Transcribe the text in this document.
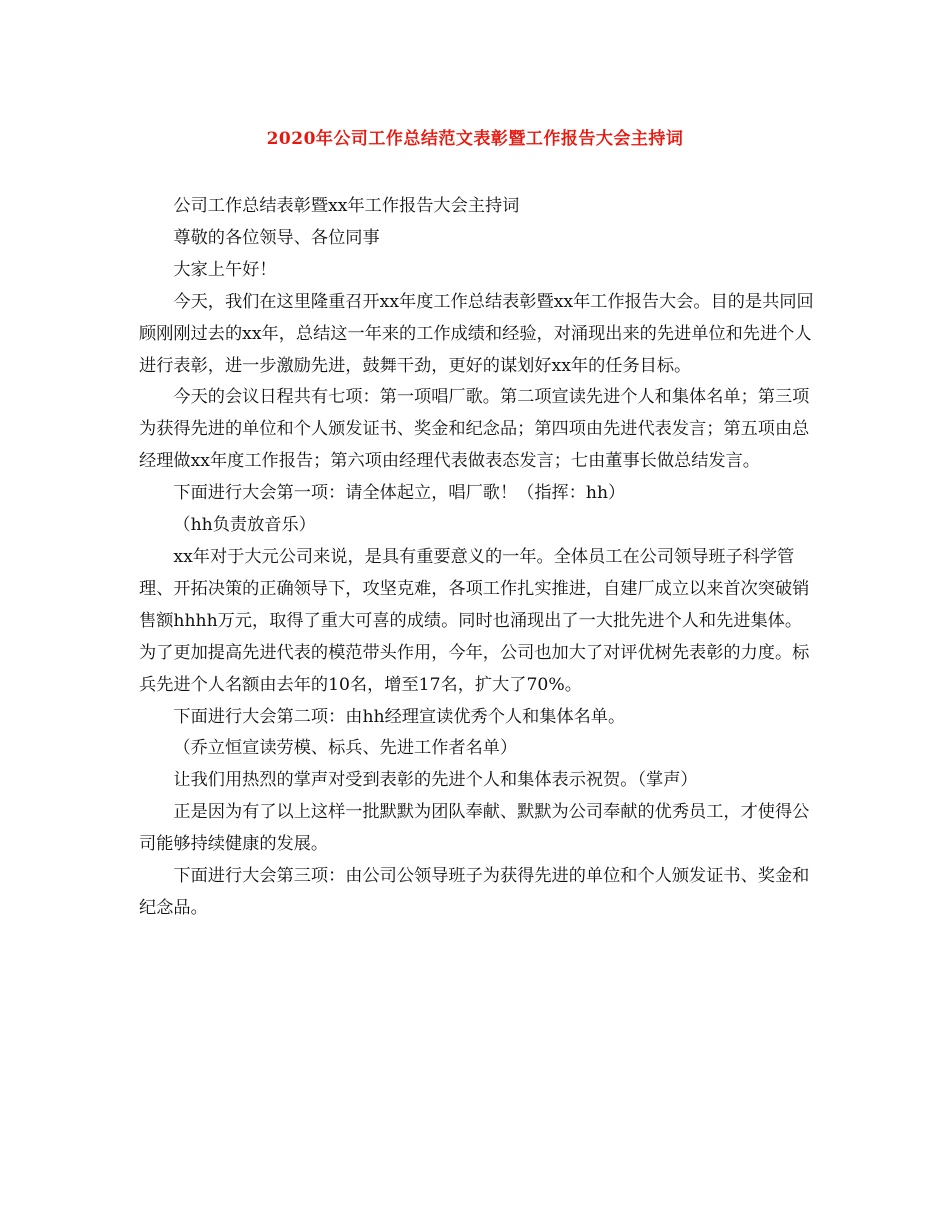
2020年公司工作总结范文表彰暨工作报告大会主持词

公司工作总结表彰暨xx年工作报告大会主持词

尊敬的各位领导、各位同事

大家上午好！

今天，我们在这里隆重召开xx年度工作总结表彰暨xx年工作报告大会。目的是共同回顾刚刚过去的xx年，总结这一年来的工作成绩和经验，对涌现出来的先进单位和先进个人进行表彰，进一步激励先进，鼓舞干劲，更好的谋划好xx年的任务目标。

今天的会议日程共有七项：第一项唱厂歌。第二项宣读先进个人和集体名单；第三项为获得先进的单位和个人颁发证书、奖金和纪念品；第四项由先进代表发言；第五项由总经理做xx年度工作报告；第六项由经理代表做表态发言；七由董事长做总结发言。

下面进行大会第一项：请全体起立，唱厂歌！（指挥：hh）

（hh负责放音乐）

xx年对于大元公司来说，是具有重要意义的一年。全体员工在公司领导班子科学管理、开拓决策的正确领导下，攻坚克难，各项工作扎实推进，自建厂成立以来首次突破销售额hhhh万元，取得了重大可喜的成绩。同时也涌现出了一大批先进个人和先进集体。为了更加提高先进代表的模范带头作用，今年，公司也加大了对评优树先表彰的力度。标兵先进个人名额由去年的10名，增至17名，扩大了70%。

下面进行大会第二项：由hh经理宣读优秀个人和集体名单。

（乔立恒宣读劳模、标兵、先进工作者名单）

让我们用热烈的掌声对受到表彰的先进个人和集体表示祝贺。（掌声）

正是因为有了以上这样一批默默为团队奉献、默默为公司奉献的优秀员工，才使得公司能够持续健康的发展。

下面进行大会第三项：由公司公领导班子为获得先进的单位和个人颁发证书、奖金和纪念品。
